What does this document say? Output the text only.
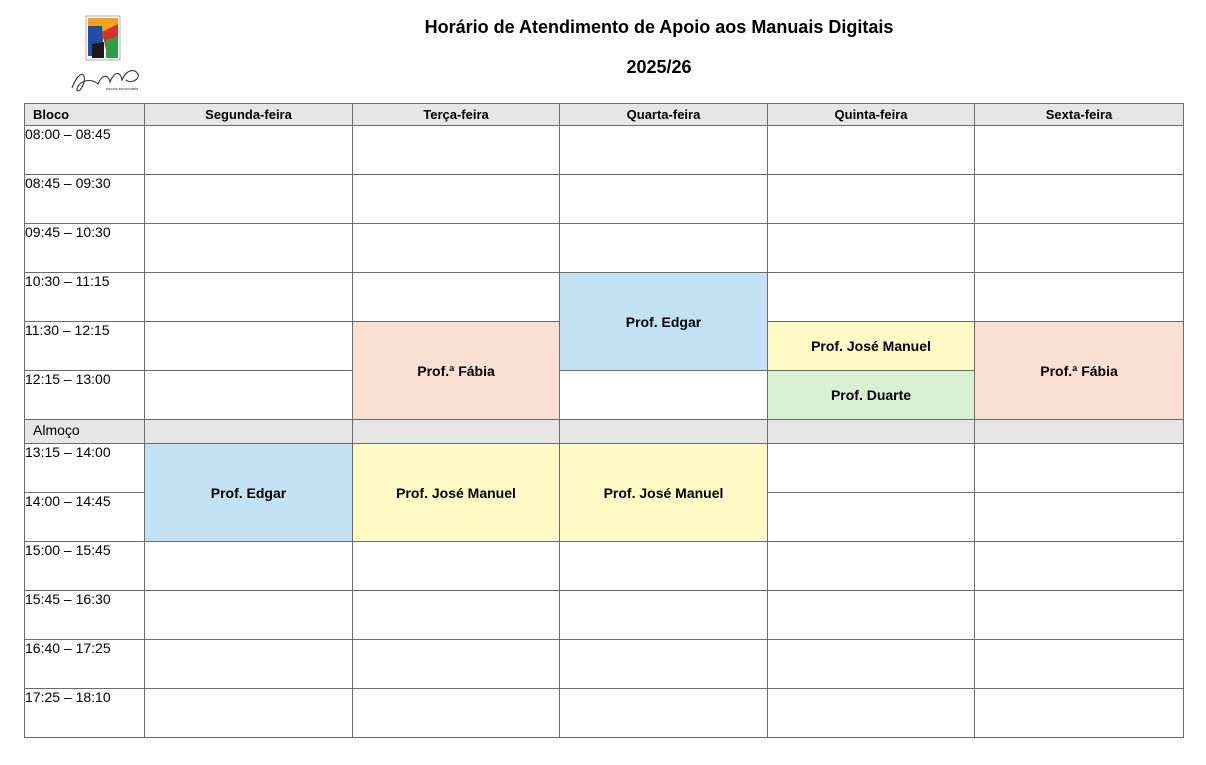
escola secundária
Horário de Atendimento de Apoio aos Manuais Digitais
2025/26
Bloco	Segunda-feira	Terça-feira	Quarta-feira	Quinta-feira	Sexta-feira
08:00 – 08:45					
08:45 – 09:30					
09:45 – 10:30					
10:30 – 11:15			Prof. Edgar		
11:30 – 12:15		Prof.ª Fábia		Prof. José Manuel	Prof.ª Fábia
12:15 – 13:00				Prof. Duarte	
Almoço					
13:15 – 14:00	Prof. Edgar	Prof. José Manuel	Prof. José Manuel		
14:00 – 14:45					
15:00 – 15:45					
15:45 – 16:30					
16:40 – 17:25					
17:25 – 18:10					
